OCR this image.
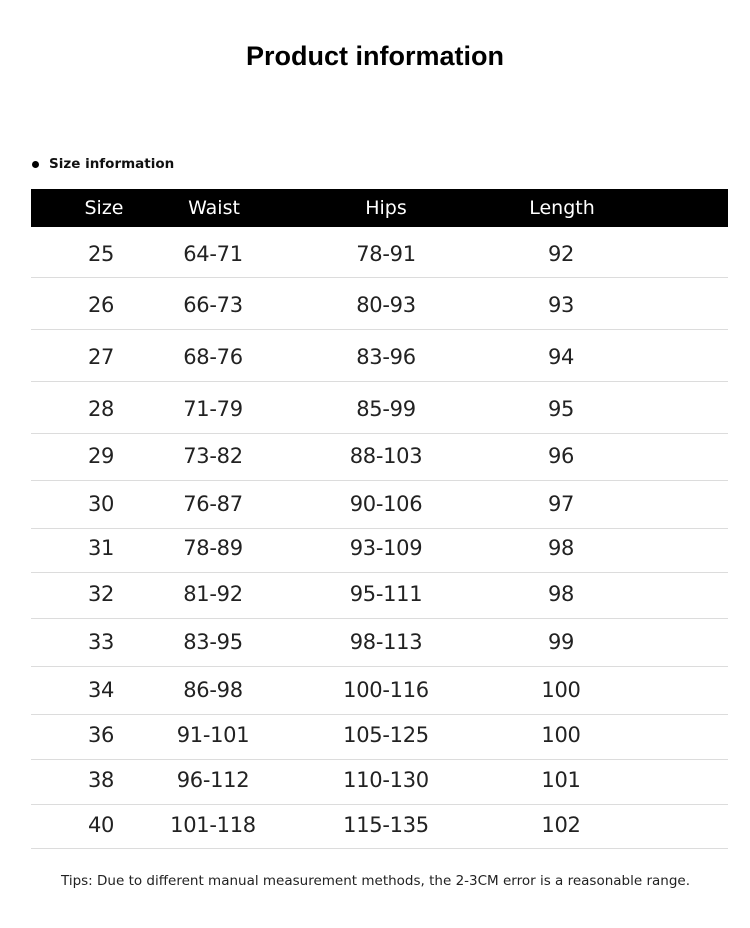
Product information
Size information
Size	Waist	Hips	Length
25	64-71	78-91	92
26	66-73	80-93	93
27	68-76	83-96	94
28	71-79	85-99	95
29	73-82	88-103	96
30	76-87	90-106	97
31	78-89	93-109	98
32	81-92	95-111	98
33	83-95	98-113	99
34	86-98	100-116	100
36	91-101	105-125	100
38	96-112	110-130	101
40	101-118	115-135	102
Tips: Due to different manual measurement methods, the 2-3CM error is a reasonable range.
